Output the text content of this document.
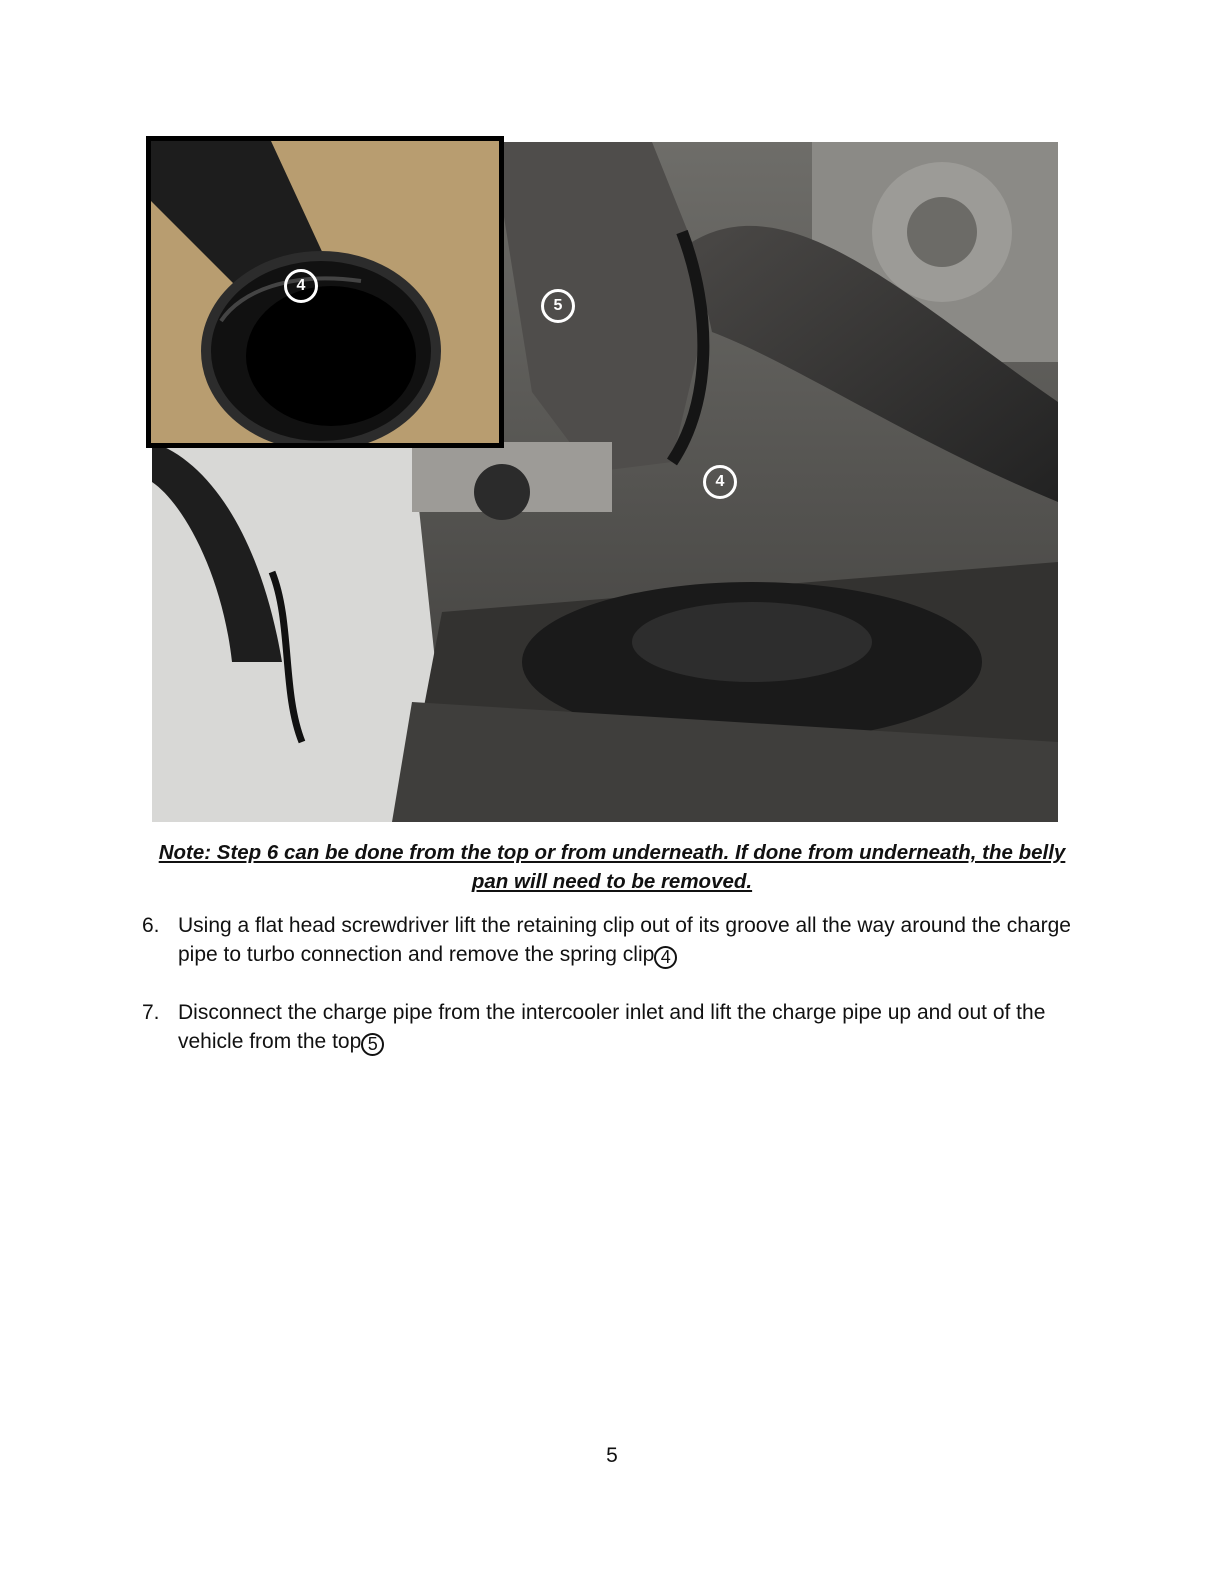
5
4
4
Note: Step 6 can be done from the top or from underneath. If done from underneath, the belly pan will need to be removed.
6. Using a flat head screwdriver lift the retaining clip out of its groove all the way around the charge pipe to turbo connection and remove the spring clip 4
7. Disconnect the charge pipe from the intercooler inlet and lift the charge pipe up and out of the vehicle from the top 5
5
